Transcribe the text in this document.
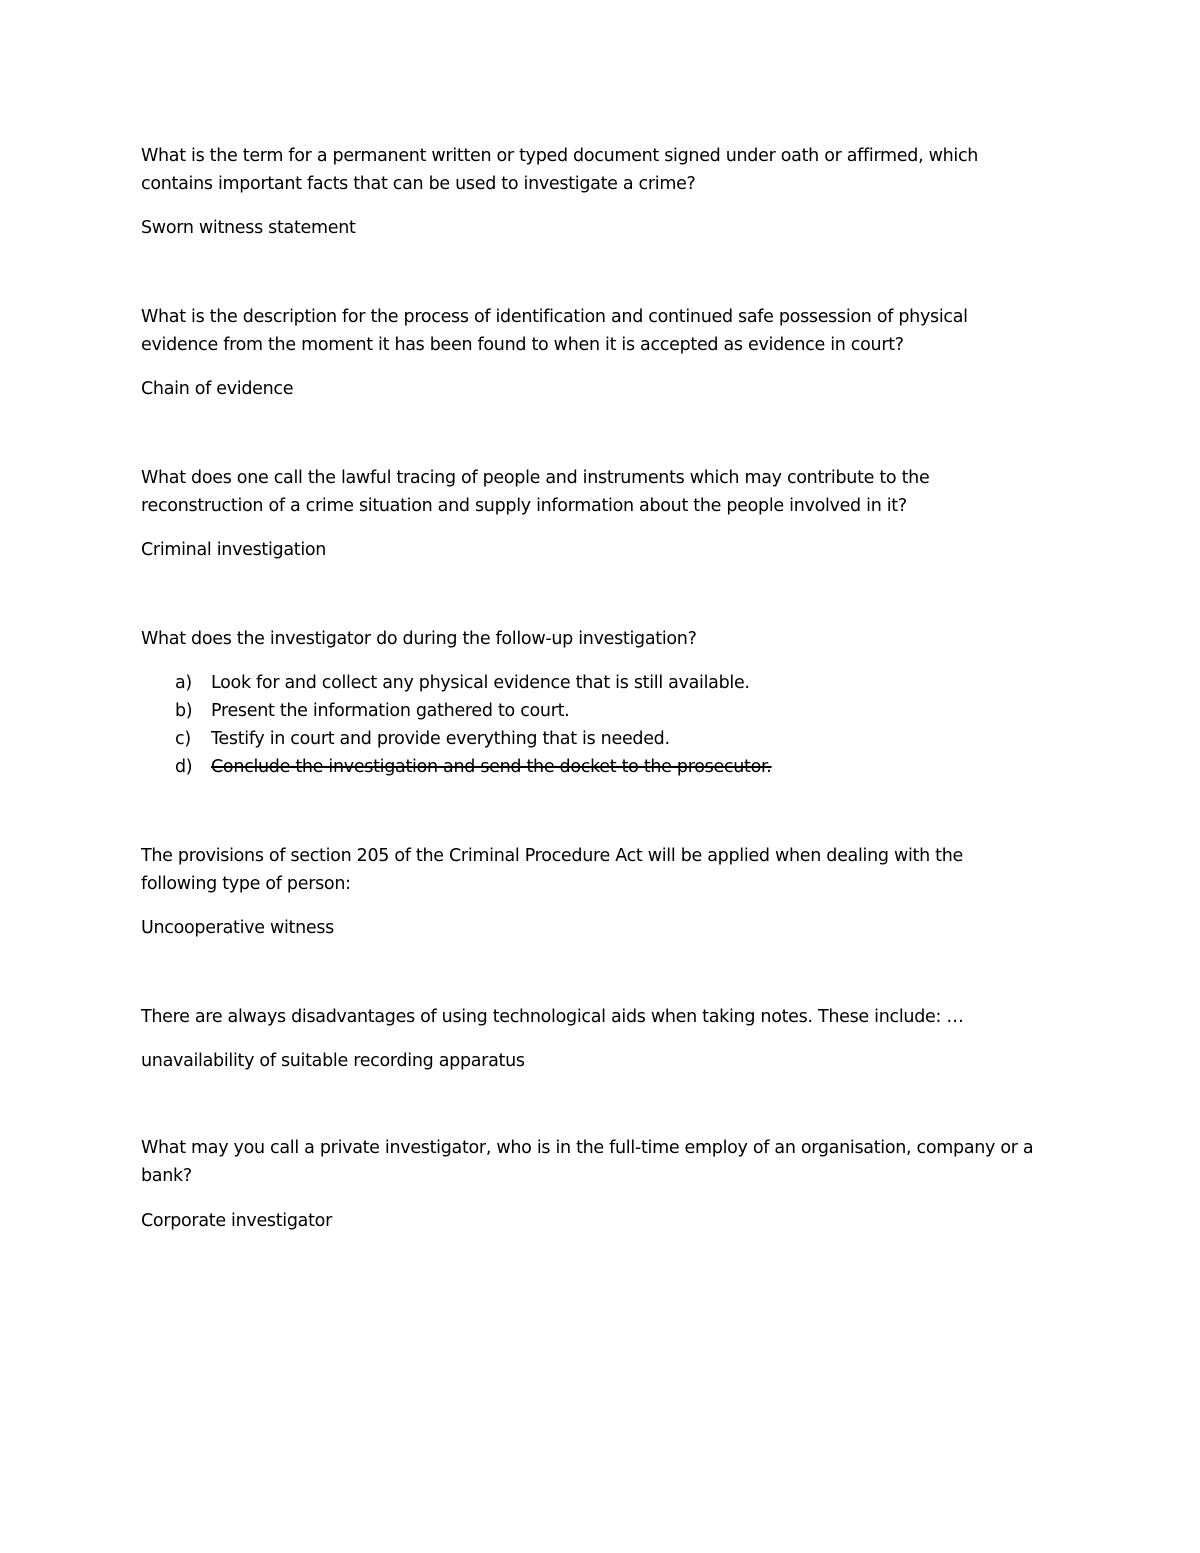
What is the term for a permanent written or typed document signed under oath or affirmed, which
contains important facts that can be used to investigate a crime?
Sworn witness statement
What is the description for the process of identification and continued safe possession of physical
evidence from the moment it has been found to when it is accepted as evidence in court?
Chain of evidence
What does one call the lawful tracing of people and instruments which may contribute to the
reconstruction of a crime situation and supply information about the people involved in it?
Criminal investigation
What does the investigator do during the follow-up investigation?
a) Look for and collect any physical evidence that is still available.
b) Present the information gathered to court.
c) Testify in court and provide everything that is needed.
d) Conclude the investigation and send the docket to the prosecutor.
The provisions of section 205 of the Criminal Procedure Act will be applied when dealing with the
following type of person:
Uncooperative witness
There are always disadvantages of using technological aids when taking notes. These include: …
unavailability of suitable recording apparatus
What may you call a private investigator, who is in the full-time employ of an organisation, company or a
bank?
Corporate investigator
